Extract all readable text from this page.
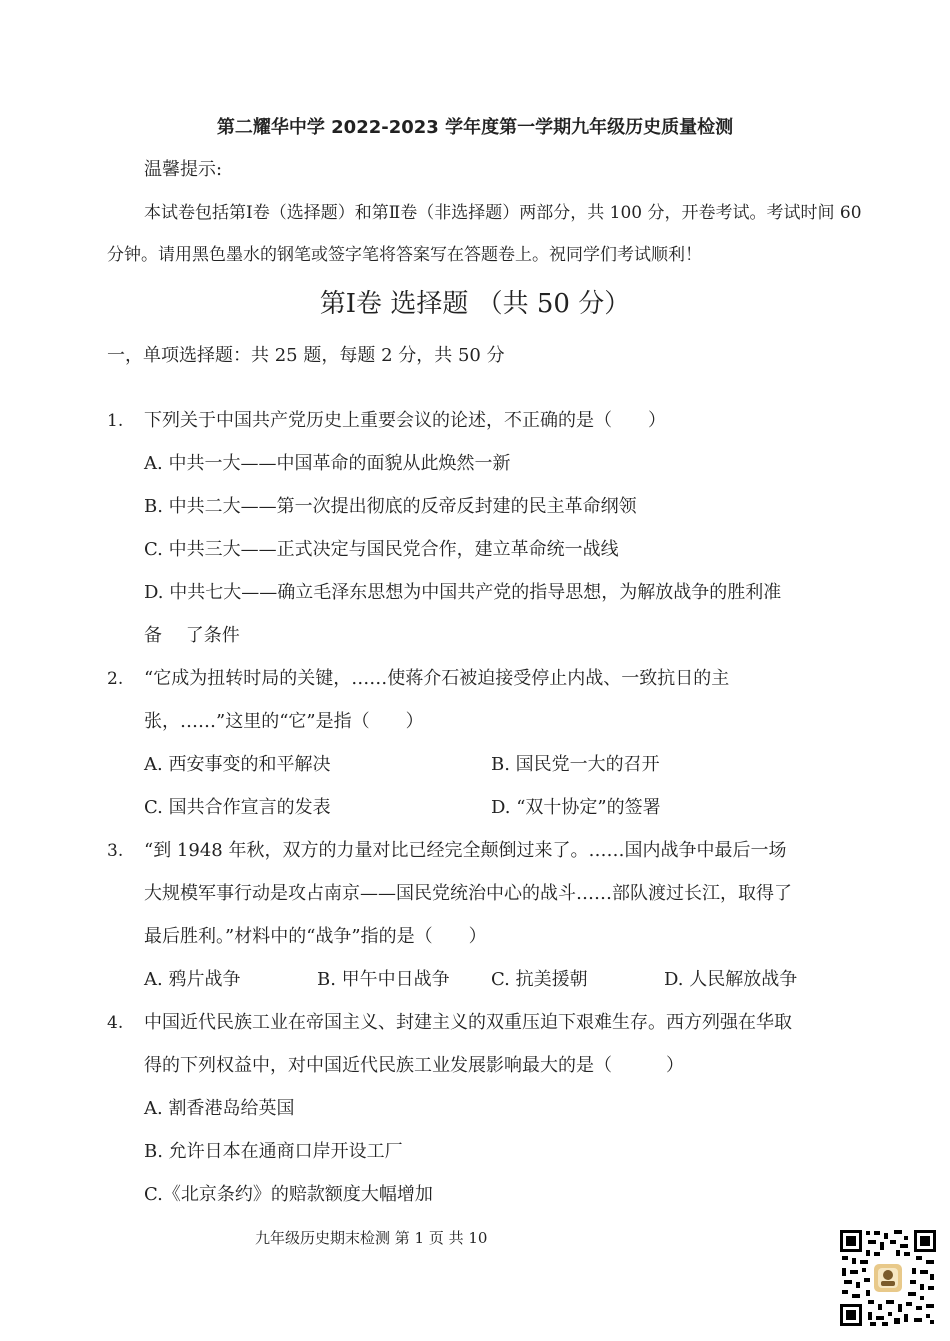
第二耀华中学 2022-2023 学年度第一学期九年级历史质量检测
温馨提示:
本试卷包括第Ⅰ卷（选择题）和第Ⅱ卷（非选择题）两部分，共 100 分，开卷考试。考试时间 60
分钟。请用黑色墨水的钢笔或签字笔将答案写在答题卷上。祝同学们考试顺利！
第Ⅰ卷 选择题 （共 50 分）
一，单项选择题：共 25 题，每题 2 分，共 50 分
1. 下列关于中国共产党历史上重要会议的论述，不正确的是（　　）
A. 中共一大——中国革命的面貌从此焕然一新
B. 中共二大——第一次提出彻底的反帝反封建的民主革命纲领
C. 中共三大——正式决定与国民党合作，建立革命统一战线
D. 中共七大——确立毛泽东思想为中国共产党的指导思想，为解放战争的胜利准
备　 了条件
2. “它成为扭转时局的关键，……使蒋介石被迫接受停止内战、一致抗日的主
张，……”这里的“它”是指（　　）
A. 西安事变的和平解决	B. 国民党一大的召开
C. 国共合作宣言的发表	D. “双十协定”的签署
3. “到 1948 年秋，双方的力量对比已经完全颠倒过来了。……国内战争中最后一场
大规模军事行动是攻占南京——国民党统治中心的战斗……部队渡过长江，取得了
最后胜利。”材料中的“战争”指的是（　　）
A. 鸦片战争	B. 甲午中日战争 C. 抗美援朝	D. 人民解放战争
4. 中国近代民族工业在帝国主义、封建主义的双重压迫下艰难生存。西方列强在华取
得的下列权益中，对中国近代民族工业发展影响最大的是（　　　）
A. 割香港岛给英国
B. 允许日本在通商口岸开设工厂
C.《北京条约》的赔款额度大幅增加
九年级历史期末检测 第 1 页 共 10
